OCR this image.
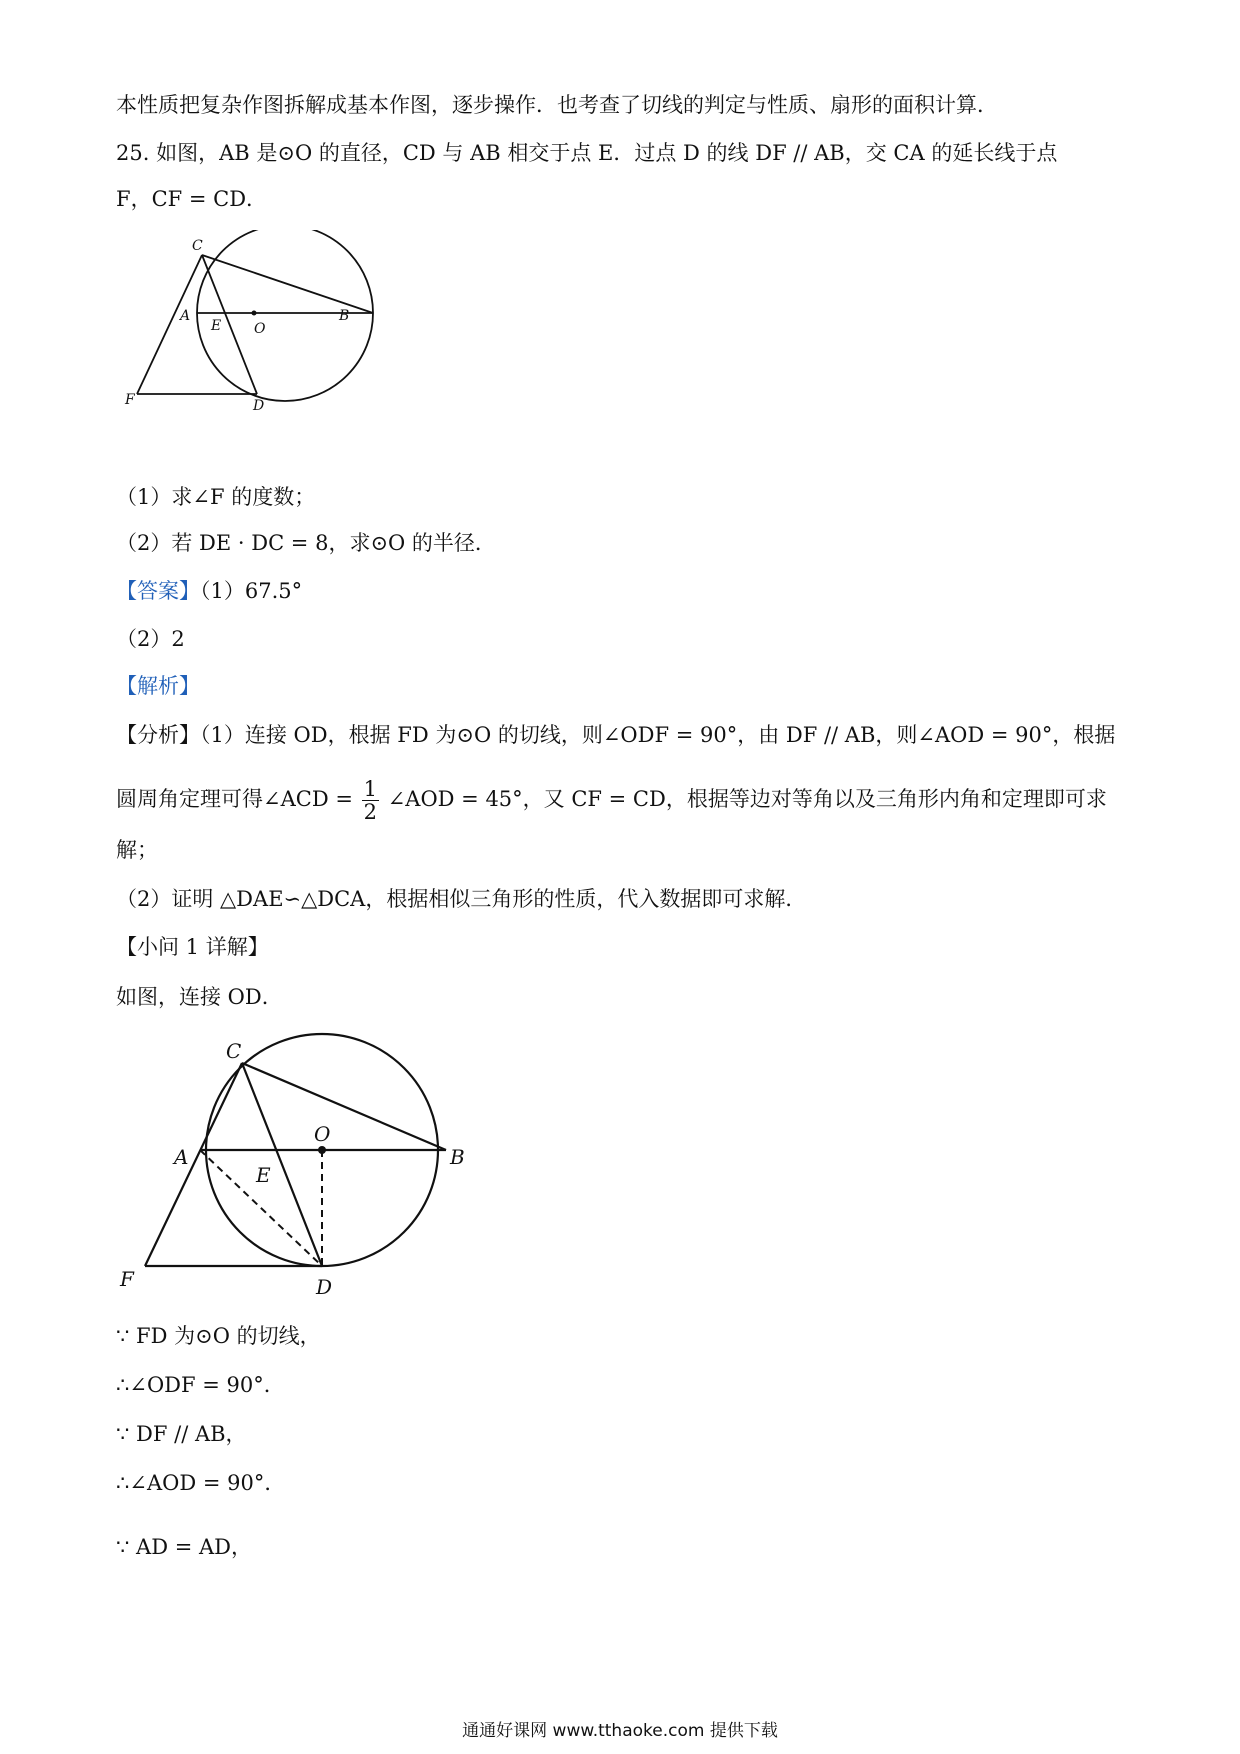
本性质把复杂作图拆解成基本作图，逐步操作．也考查了切线的判定与性质、扇形的面积计算．
25. 如图，AB 是⊙O 的直径，CD 与 AB 相交于点 E．过点 D 的线 DF // AB，交 CA 的延长线于点
F，CF = CD．
C
A
E O
B
F	D
（1）求∠F 的度数；
（2）若 DE · DC = 8，求⊙O 的半径．
【答案】（1）67.5°
（2）2
【解析】
【分析】（1）连接 OD，根据 FD 为⊙O 的切线，则∠ODF = 90°，由 DF // AB，则∠AOD = 90°，根据
圆周角定理可得∠ACD = $\frac{1}{2}$ ∠AOD = 45°，又 CF = CD，根据等边对等角以及三角形内角和定理即可求
解；
（2）证明 △DAE∽△DCA，根据相似三角形的性质，代入数据即可求解．
【小问 1 详解】
如图，连接 OD．
C
A
E
O
B
F	D
∵ FD 为⊙O 的切线，
∴∠ODF = 90°．
∵ DF // AB，
∴∠AOD = 90°．
∵ AD = AD，
通通好课网 www.tthaoke.com 提供下载
